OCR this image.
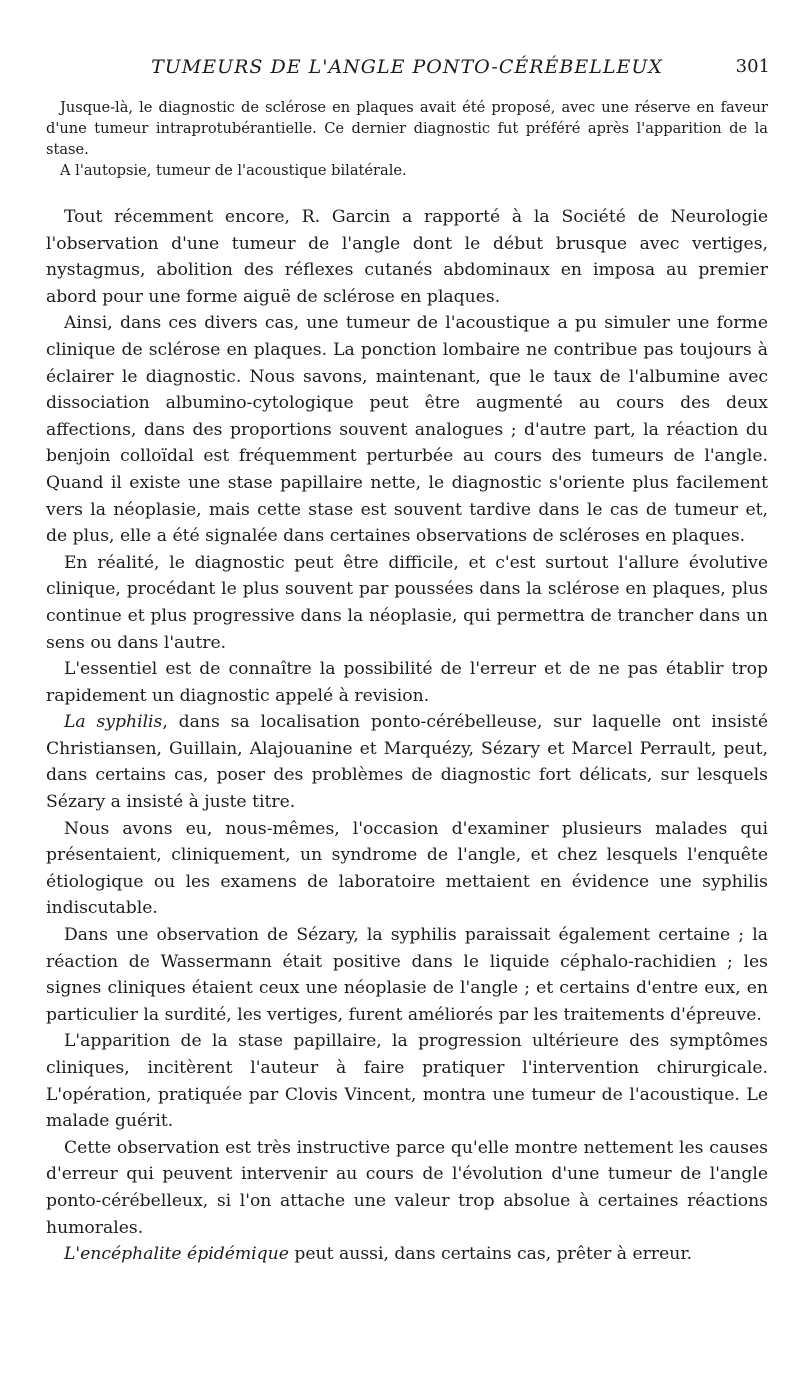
TUMEURS DE L'ANGLE PONTO-CÉRÉBELLEUX	301

Jusque-là, le diagnostic de sclérose en plaques avait été proposé, avec une réserve en faveur d'une tumeur intraprotubérantielle. Ce dernier diagnostic fut préféré après l'apparition de la stase.

A l'autopsie, tumeur de l'acoustique bilatérale.

Tout récemment encore, R. Garcin a rapporté à la Société de Neurologie l'observation d'une tumeur de l'angle dont le début brusque avec vertiges, nystagmus, abolition des réflexes cutanés abdominaux en imposa au premier abord pour une forme aiguë de sclérose en plaques.

Ainsi, dans ces divers cas, une tumeur de l'acoustique a pu simuler une forme clinique de sclérose en plaques. La ponction lombaire ne contribue pas toujours à éclairer le diagnostic. Nous savons, maintenant, que le taux de l'albumine avec dissociation albumino-cytologique peut être augmenté au cours des deux affections, dans des proportions souvent analogues ; d'autre part, la réaction du benjoin colloïdal est fréquemment perturbée au cours des tumeurs de l'angle. Quand il existe une stase papillaire nette, le diagnostic s'oriente plus facilement vers la néoplasie, mais cette stase est souvent tardive dans le cas de tumeur et, de plus, elle a été signalée dans certaines observations de scléroses en plaques.

En réalité, le diagnostic peut être difficile, et c'est surtout l'allure évolutive clinique, procédant le plus souvent par poussées dans la sclérose en plaques, plus continue et plus progressive dans la néoplasie, qui permettra de trancher dans un sens ou dans l'autre.

L'essentiel est de connaître la possibilité de l'erreur et de ne pas établir trop rapidement un diagnostic appelé à revision.

La syphilis, dans sa localisation ponto-cérébelleuse, sur laquelle ont insisté Christiansen, Guillain, Alajouanine et Marquézy, Sézary et Marcel Perrault, peut, dans certains cas, poser des problèmes de diagnostic fort délicats, sur lesquels Sézary a insisté à juste titre.

Nous avons eu, nous-mêmes, l'occasion d'examiner plusieurs malades qui présentaient, cliniquement, un syndrome de l'angle, et chez lesquels l'enquête étiologique ou les examens de laboratoire mettaient en évidence une syphilis indiscutable.

Dans une observation de Sézary, la syphilis paraissait également certaine ; la réaction de Wassermann était positive dans le liquide céphalo-rachidien ; les signes cliniques étaient ceux une néoplasie de l'angle ; et certains d'entre eux, en particulier la surdité, les vertiges, furent améliorés par les traitements d'épreuve.

L'apparition de la stase papillaire, la progression ultérieure des symptômes cliniques, incitèrent l'auteur à faire pratiquer l'intervention chirurgicale. L'opération, pratiquée par Clovis Vincent, montra une tumeur de l'acoustique. Le malade guérit.

Cette observation est très instructive parce qu'elle montre nettement les causes d'erreur qui peuvent intervenir au cours de l'évolution d'une tumeur de l'angle ponto-cérébelleux, si l'on attache une valeur trop absolue à certaines réactions humorales.

L'encéphalite épidémique peut aussi, dans certains cas, prêter à erreur.
